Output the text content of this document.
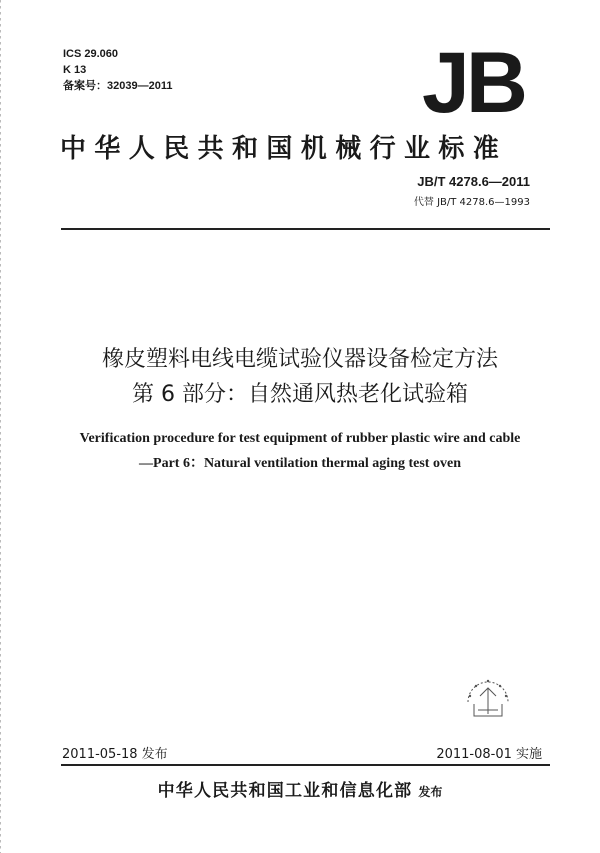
ICS 29.060
K 13
备案号：32039—2011	JB
中华人民共和国机械行业标准
JB/T 4278.6—2011
代替 JB/T 4278.6—1993
橡皮塑料电线电缆试验仪器设备检定方法
第 6 部分：自然通风热老化试验箱
Verification procedure for test equipment of rubber plastic wire and cable
—Part 6：Natural ventilation thermal aging test oven
2011-05-18 发布	2011-08-01 实施
中华人民共和国工业和信息化部 发布
